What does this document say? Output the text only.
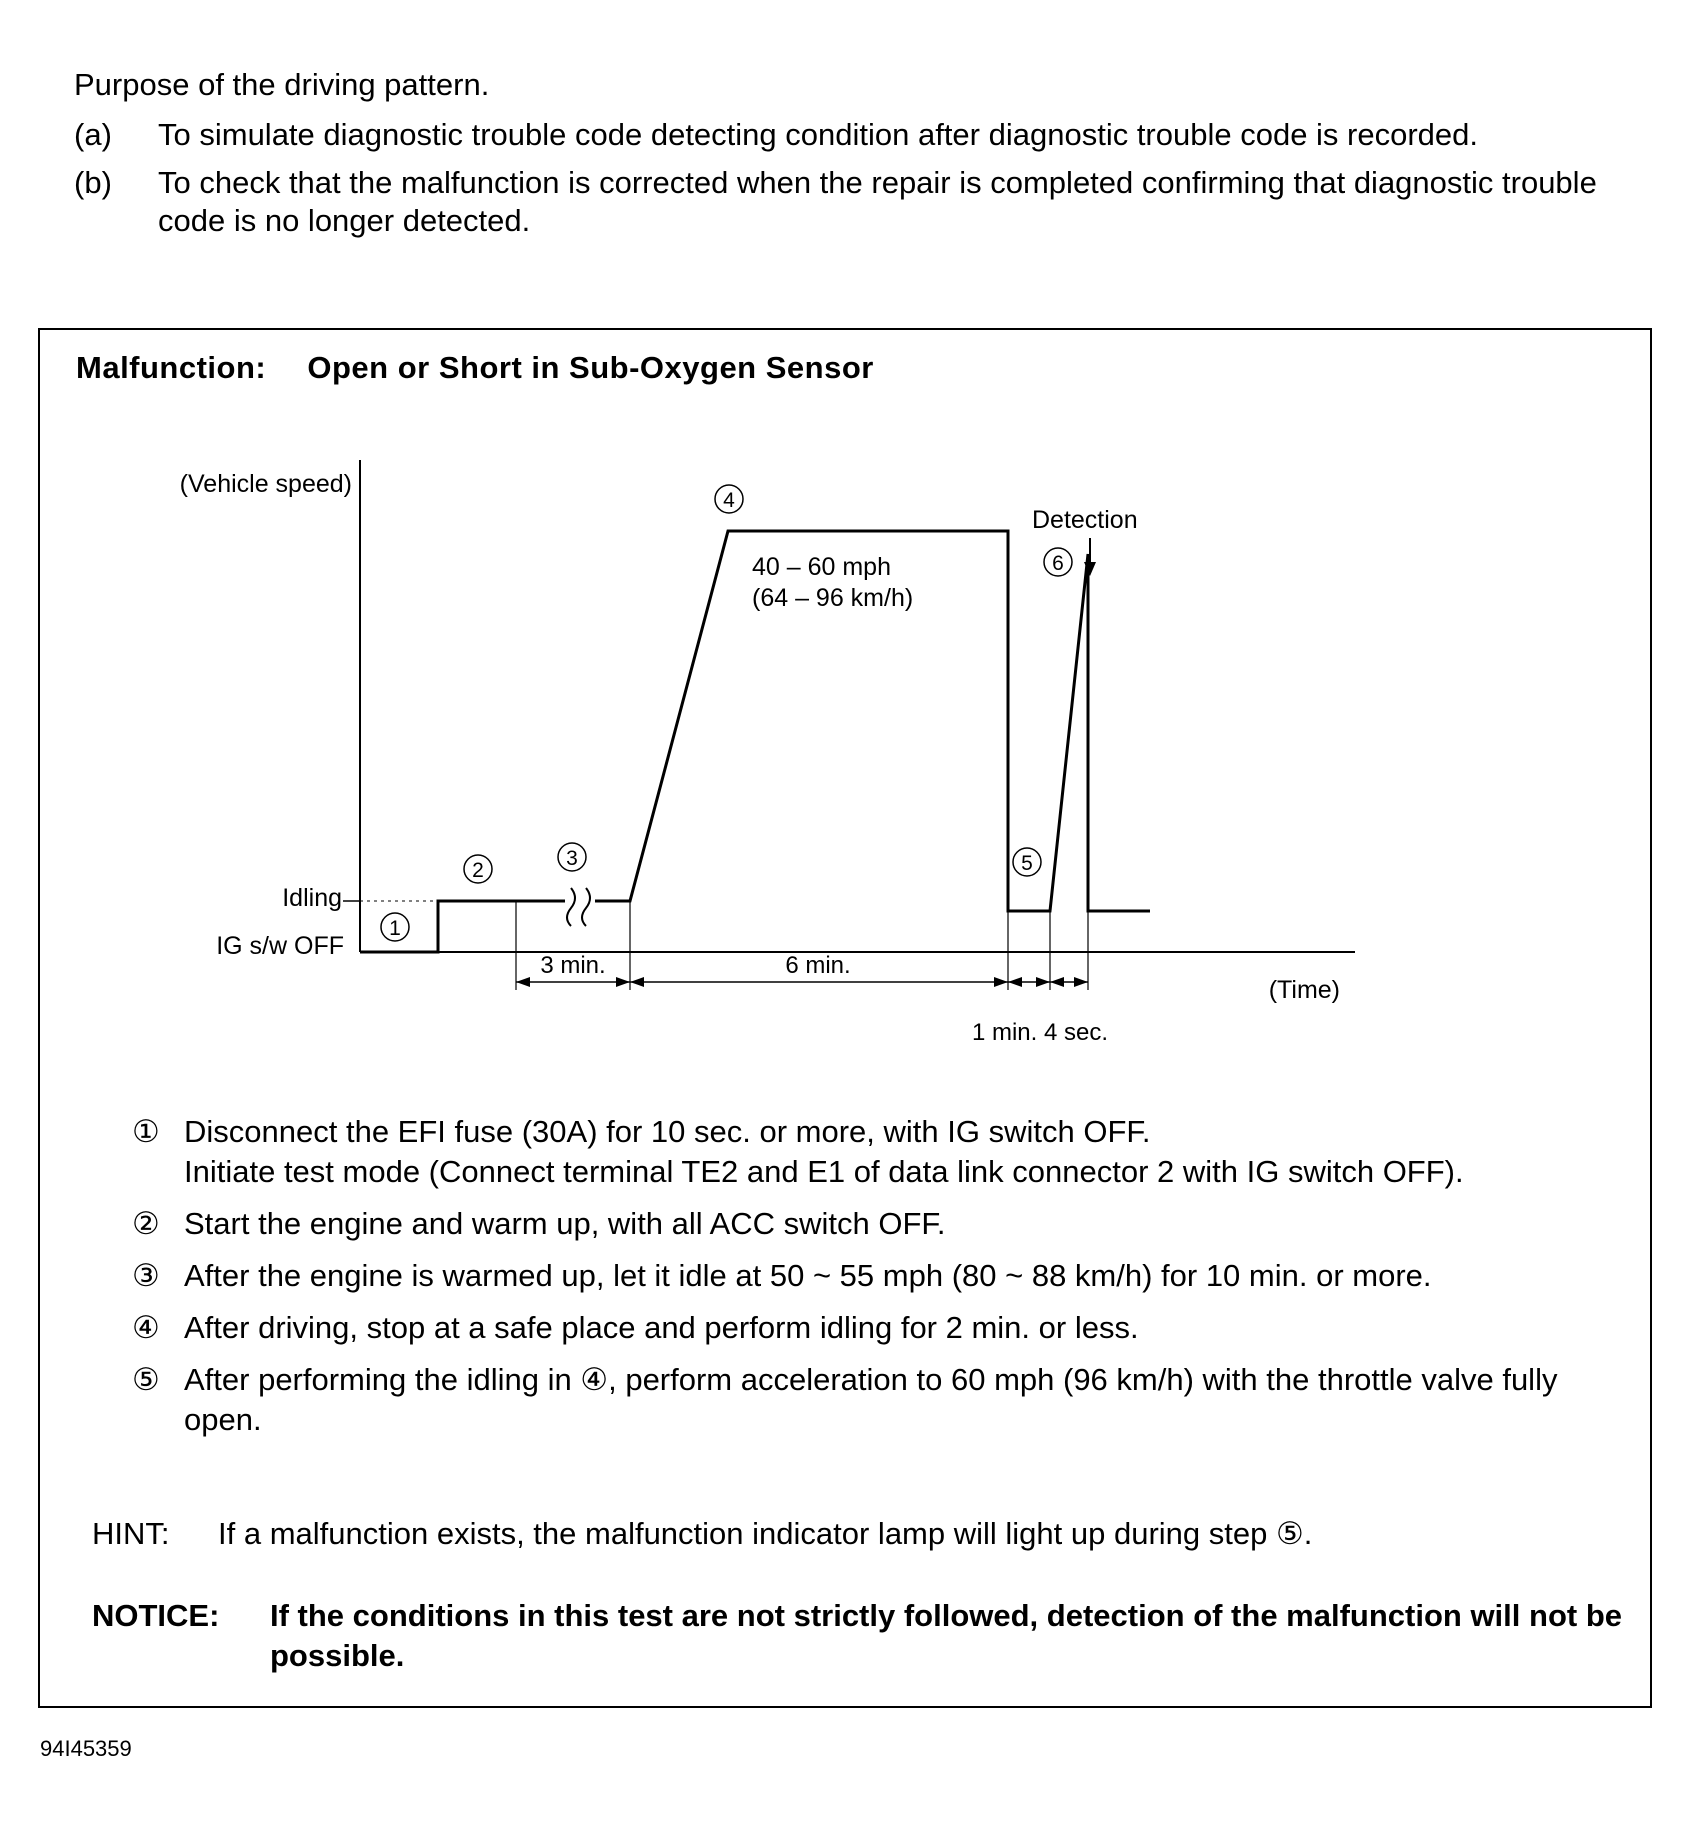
Purpose of the driving pattern.
(a)	To simulate diagnostic trouble code detecting condition after diagnostic trouble code is recorded.
(b)	To check that the malfunction is corrected when the repair is completed confirming that diagnostic trouble code is no longer detected.
Malfunction: Open or Short in Sub-Oxygen Sensor
(Vehicle speed)
(Time)
Idling
IG s/w OFF
40 – 60 mph
(64 – 96 km/h)
Detection
1
2
3
4
5
6
3 min.	6 min.
1 min. 4 sec.
① Disconnect the EFI fuse (30A) for 10 sec. or more, with IG switch OFF.
Initiate test mode (Connect terminal TE2 and E1 of data link connector 2 with IG switch OFF).
② Start the engine and warm up, with all ACC switch OFF.
③ After the engine is warmed up, let it idle at 50 ~ 55 mph (80 ~ 88 km/h) for 10 min. or more.
④ After driving, stop at a safe place and perform idling for 2 min. or less.
⑤ After performing the idling in ④, perform acceleration to 60 mph (96 km/h) with the throttle valve fully open.
HINT:	If a malfunction exists, the malfunction indicator lamp will light up during step ⑤.
NOTICE:	If the conditions in this test are not strictly followed, detection of the malfunction will not be possible.
94I45359
